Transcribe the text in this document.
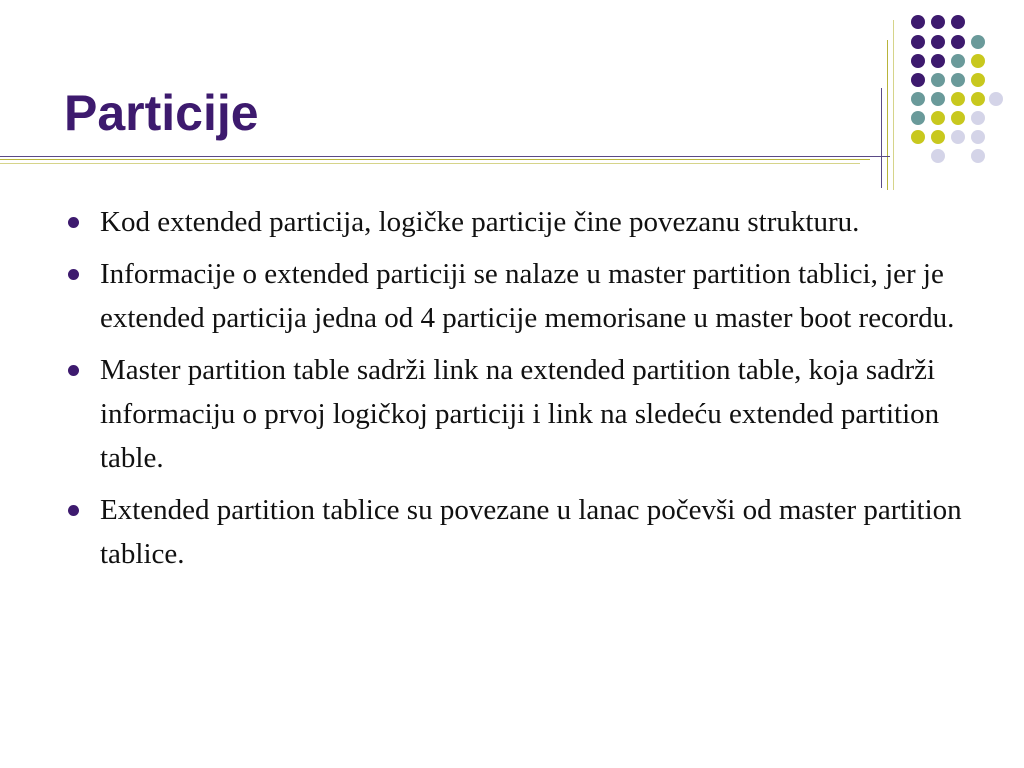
Particije
Kod extended particija, logičke particije čine povezanu strukturu.
Informacije o extended particiji se nalaze u master partition tablici, jer je extended particija jedna od 4 particije memorisane u master boot recordu.
Master partition table sadrži link na extended partition table, koja sadrži informaciju o prvoj logičkoj particiji i link na sledeću extended partition table.
Extended partition tablice su povezane u lanac počevši od master partition tablice.
